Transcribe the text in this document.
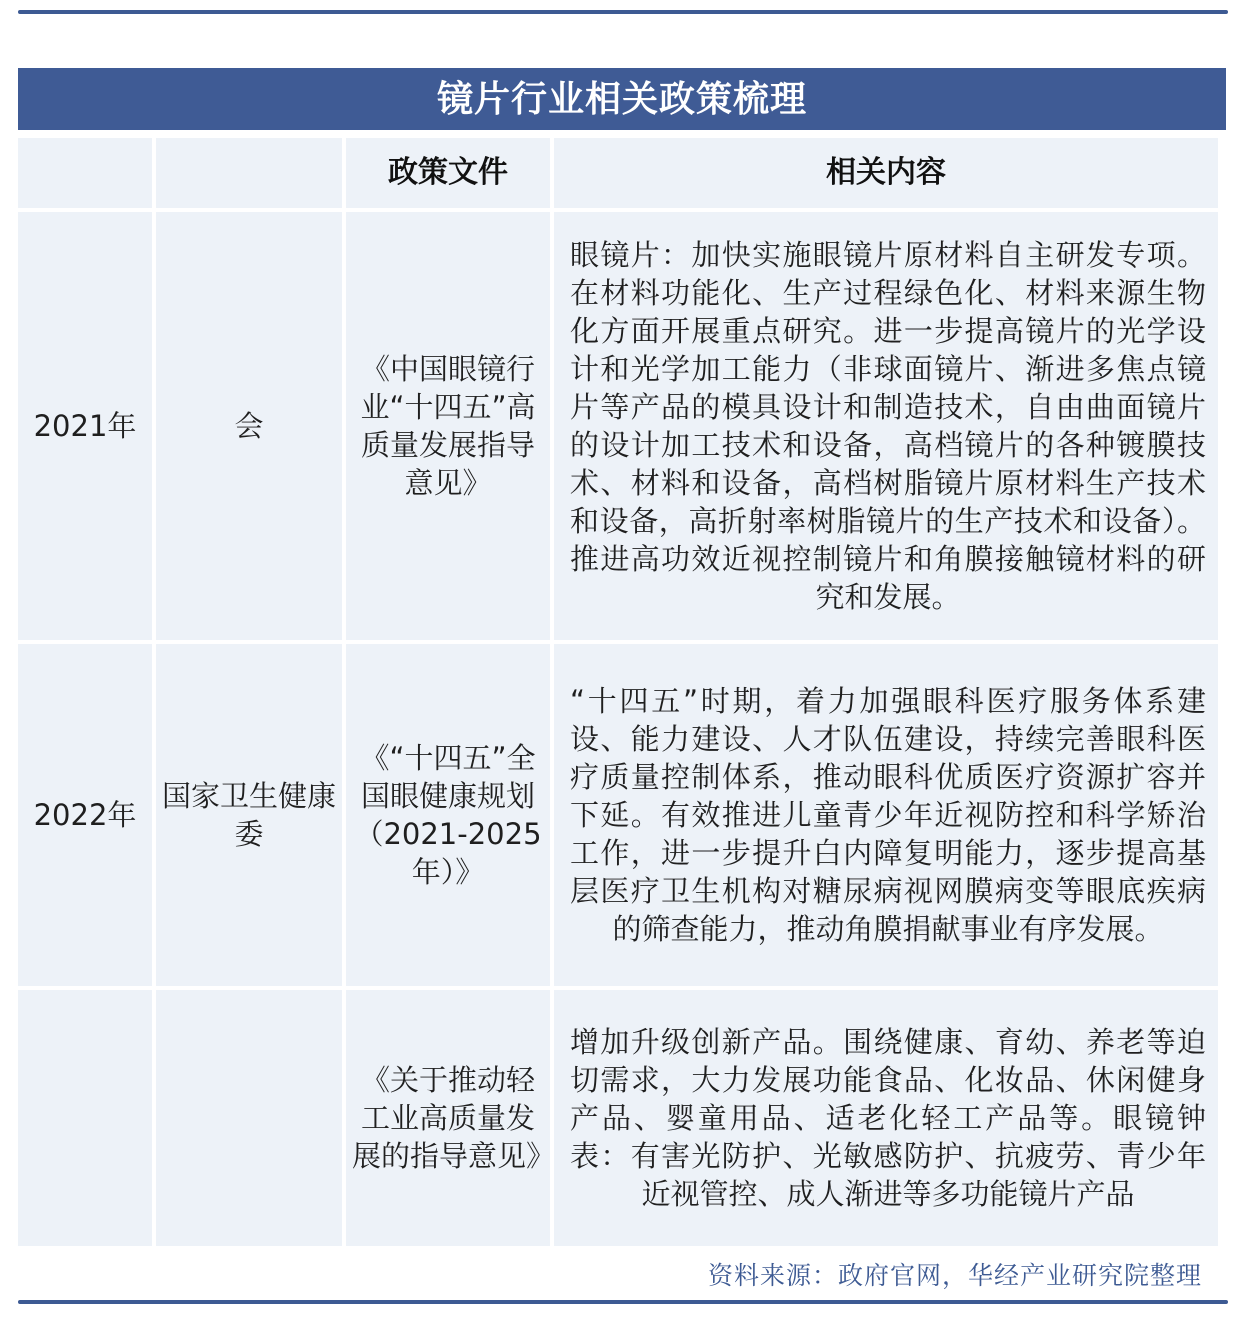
镜片行业相关政策梳理
		政策文件	相关内容
2021年	会	《中国眼镜行业“十四五”高质量发展指导意见》	眼镜片：加快实施眼镜片原材料自主研发专项。在材料功能化、生产过程绿色化、材料来源生物化方面开展重点研究。进一步提高镜片的光学设计和光学加工能力（非球面镜片、渐进多焦点镜片等产品的模具设计和制造技术，自由曲面镜片的设计加工技术和设备，高档镜片的各种镀膜技术、材料和设备，高档树脂镜片原材料生产技术和设备，高折射率树脂镜片的生产技术和设备）。推进高功效近视控制镜片和角膜接触镜材料的研究和发展。

2022年	国家卫生健康委	《“十四五”全国眼健康规划（2021-2025年）》	“十四五”时期，着力加强眼科医疗服务体系建设、能力建设、人才队伍建设，持续完善眼科医疗质量控制体系，推动眼科优质医疗资源扩容并下延。有效推进儿童青少年近视防控和科学矫治工作，进一步提升白内障复明能力，逐步提高基层医疗卫生机构对糖尿病视网膜病变等眼底疾病的筛查能力，推动角膜捐献事业有序发展。

		《关于推动轻工业高质量发展的指导意见》	增加升级创新产品。围绕健康、育幼、养老等迫切需求，大力发展功能食品、化妆品、休闲健身产品、婴童用品、适老化轻工产品等。眼镜钟表：有害光防护、光敏感防护、抗疲劳、青少年近视管控、成人渐进等多功能镜片产品
资料来源：政府官网，华经产业研究院整理
